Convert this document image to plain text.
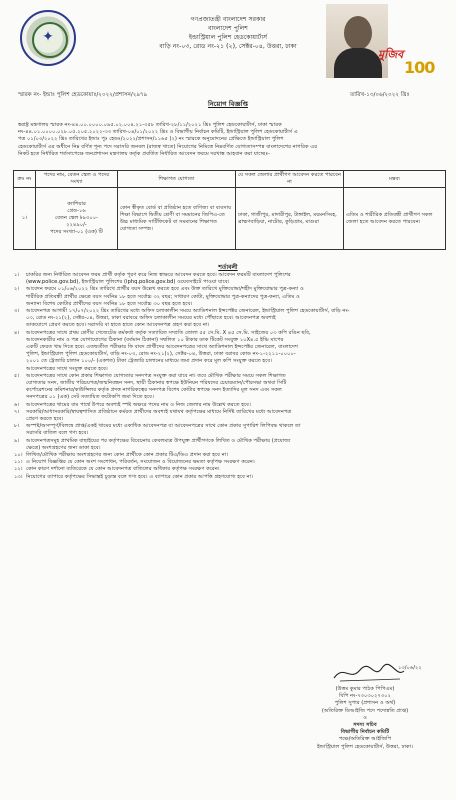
✦
মুজিব
100
গণপ্রজাতন্ত্রী বাংলাদেশ সরকার
বাংলাদেশ পুলিশ
ইন্ডাস্ট্রিয়াল পুলিশ হেডকোয়ার্টার্স
বাড়ি নং-০৩, রোড নং-২১ (২), সেক্টর-০৪, উত্তরা, ঢাকা
স্মারক নং- ইন্ডাঃ পুলিশ হেডকোয়াঃ/২০২২/প্রশাসন/২৯৭৯
নিয়োগ বিজ্ঞপ্তি
তারিখ-১৩/০৬/২০২২ খ্রিঃ
স্বরাষ্ট্র মন্ত্রণালয় স্মারক নং-৪৪.০০.০০০০.০৯৫.০২.০০৪.২১-৩৫৮ তারিখ-২৮/১১/২০২১ খ্রিঃ পুলিশ হেডকোয়ার্টার্স, ঢাকা স্মারক
নং-৪৪.০১.০০০০.০২৮.০৫.২০৫.২০২২-৩৩ তারিখ-০৪/০১/২০২২ খ্রিঃ ও বিভাগীয় নির্বাচন কমিটি, ইন্ডাস্ট্রিয়াল পুলিশ হেডকোয়ার্টার্স এ
পত্র ০১/০৩/২০২২ খ্রিঃ তারিখের ইন্ডাঃ পুঃ হেডঃ/২০২২/প্রশাসন/১১৬৫ (২) নং স্মারকে অনুমোদনের প্রেক্ষিতে ইন্ডাস্ট্রিয়াল পুলিশ
হেডকোয়ার্টার্স এর অধীনে নিম্ন বর্ণিত শূন্য পদে সরাসরি জনবল (রাজস্ব খাতে) নিয়োগের নিমিত্তে নিম্নবর্ণিত যোগ্যতাসম্পন্ন বাংলাদেশের নাগরিক এর
নিকট হতে নির্ধারিত শর্তসাপেক্ষে জনপ্রশাসন মন্ত্রণালয় কর্তৃক প্রবর্তিত নির্ধারিত আবেদন ফরমে দরখাস্ত আহবান করা যাচ্ছেঃ-
ক্রঃ নং	পদের নাম, বেতন স্কেল ও পদের সংখ্যা	শিক্ষাগত যোগ্যতা	যে সকল জেলার প্রার্থীগণ আবেদন করতে পারবেন না	মন্তব্য
১।	ক্যাশিয়ার
গ্রেড-১৬
বেতন স্কেল ৳৯৩০০-
২২৪৯০/-
পদের সংখ্যা-০১ (এক) টি	কোন স্বীকৃত বোর্ড বা প্রতিষ্ঠান হতে বাণিজ্য বা ব্যবসায় শিক্ষা বিভাগে দ্বিতীয় শ্রেণী বা সমমানের জিপিএ-তে উচ্চ মাধ্যমিক সার্টিফিকেট বা সমমানের শিক্ষাগত যোগ্যতা সম্পন্ন।	ঢাকা, গাজীপুর, মাদারীপুর, টাঙ্গাইল, ময়মনসিংহ, ব্রাহ্মণবাড়িয়া, নাটোর, কুড়িগ্রাম, মাগুরা	এতিম ও শারীরিক প্রতিবন্ধী প্রার্থীগণ সকল জেলা হতে আবেদন করতে পারবেন।
শর্তাবলী
১। চাকরির জন্য নির্ধারিত আবেদন ফরম প্রার্থী কর্তৃক পূরণ করে নিজ স্বাক্ষরে আবেদন করতে হবে। আবেদন ফরমটি বাংলাদেশ পুলিশের
(www.police.gov.bd), ইন্ডাস্ট্রিয়াল পুলিশের (iphq.police.gov.bd) ওয়েবসাইটে পাওয়া যাবে।
২। আবেদন ফরমে ০১/০৬/২০২২ খ্রিঃ তারিখে প্রার্থীর বয়স উল্লেখ করতে হবে এবং উক্ত তারিখে মুক্তিযোদ্ধা/শহীদ মুক্তিযোদ্ধার পুত্র-কন্যা ও
শারীরিক প্রতিবন্ধী প্রার্থীর ক্ষেত্রে বয়স সর্বনিম্ন ১৮ হতে সর্বোচ্চ ৩২ বছর; সাধারণ কোটা, মুক্তিযোদ্ধার পুত্র-কন্যাদের পুত্র-কন্যা, এতিম ও
অন্যান্য বিশেষ কোটার প্রার্থীদের বয়স সর্বনিম্ন ১৮ হতে সর্বোচ্চ ৩০ বছর হতে হবে।
৩। আবেদনপত্র আগামী ১৭/০৭/২০২২ খ্রিঃ তারিখের মধ্যে অফিস চলাকালীন সময়ে অ্যাডিশনাল ইন্সপেক্টর জেনারেল, ইন্ডাস্ট্রিয়াল পুলিশ হেডকোয়ার্টার্স, বাড়ি নং-
০৩, রোড নং-২১(২), সেক্টর-০৪, উত্তরা, ঢাকা বরাবরে অফিস চলাকালীন সময়ের মধ্যে পৌঁছাতে হবে। আবেদনপত্র অবশ্যই
ডাকযোগে প্রেরণ করতে হবে। সরাসরি বা হাতে হাতে কোন আবেদনপত্র গ্রহণ করা হবে না।
৪। আবেদনপত্রের সাথে প্রথম শ্রেণীর গেজেটেড কর্মকর্তা কর্তৃক সত্যায়িত সম্প্রতি তোলা ৫৫ সে.মি. X ৪৫ সে.মি. সাইজের ০৩ কপি রঙিন ছবি,
আবেদনকারীর নাম ও পত্র যোগাযোগের ঠিকানা (বর্তমান ঠিকানা) সম্বলিত ১০ টাকার ডাক টিকেট সংযুক্ত ১০X৪.৫ ইঞ্চি মাপের
একটি ফেরত খাম দিতে হবে। এতদ্ব্যতীত পরীক্ষার ফি বাবদ প্রার্থীদের আবেদনপত্রের সাথে অ্যাডিশনাল ইন্সপেক্টর জেনারেল, বাংলাদেশ
পুলিশ, ইন্ডাস্ট্রিয়াল পুলিশ হেডকোয়ার্টার্স, বাড়ি নং-০৩, রোড নং-২১(২), সেক্টর-০৪, উত্তরা, ঢাকা বরাবর কোড নং-১-২২১১-০০০০-
২০০১ তে ট্রেজারি চালান ১০০/- (একশত) টাকা ট্রেজারি চালানের মাধ্যমে জমা প্রদান করে মূল কপি সংযুক্ত করতে হবে।
আবেদনপত্রের সাথে সংযুক্ত করতে হবে।
৫। আবেদনপত্রের সাথে কোন প্রকার শিক্ষাগত যোগ্যতার সনদপত্র সংযুক্ত করা যাবে না। তবে মৌখিক পরীক্ষার সময়ে সকল শিক্ষাগত
যোগ্যতার সনদ, জাতীয় পরিচয়পত্র/জন্মনিবন্ধন সনদ, স্থায়ী ঠিকানার স্বপক্ষে ইউনিয়ন পরিষদের চেয়ারম্যান/পৌরসভা অথবা সিটি
কর্পোরেশনের কমিশনার/কাউন্সিলর কর্তৃক প্রদত্ত নাগরিকত্বের সনদপত্র বিশেষ কোটার স্বপক্ষে সনদ ইত্যাদির মূল সনদ এবং সকল
সনদপত্রের ০১ (এক) সেট সত্যায়িত ফটোকপি জমা দিতে হবে।
৬। আবেদনপত্রের খামের বাম পার্শ্বে উপরে অবশ্যই স্পষ্ট অক্ষরে পদের নাম ও নিজ জেলার নাম উল্লেখ করতে হবে।
৭। সরকারি/আধাসরকারি/স্বায়ত্বশাসিত প্রতিষ্ঠানে কর্মরত প্রার্থীদের অবশ্যই যথাযথ কর্তৃপক্ষের মাধ্যমে নির্দিষ্ট তারিখের মধ্যে আবেদনপত্র
প্রেরণ করতে হবে।
৮। অস্পষ্ট/অসম্পূর্ণ/বিলম্বে প্রাপ্ত/একই খামের মধ্যে একাধিক আবেদনপত্র বা আবেদনপত্রের সাথে কোন প্রকার সুপারিশ লিপিবদ্ধ থাকলে তা
সরাসরি বাতিল বলে গণ্য হবে।
৯। আবেদনপত্রসমূহ প্রাথমিক বাছাইয়ের পর কর্তৃপক্ষের বিবেচনায় কেবলমাত্র উপযুক্ত প্রার্থীগণকে লিখিত ও মৌখিক পরীক্ষায় (প্রযোজ্য
ক্ষেত্রে) অংশগ্রহণের জন্য ডাকা হবে।
১০। লিখিত/মৌখিক পরীক্ষায় অংশগ্রহণের জন্য কোন প্রার্থীকে কোন প্রকার টিএ/ডিএ প্রদান করা হবে না।
১১। এ নিয়োগ বিজ্ঞপ্তির যে কোন অংশ সংশোধন, পরিবর্তন, সংযোজন ও বিয়োজনের ক্ষমতা কর্তৃপক্ষ সংরক্ষণ করেন।
১২। কোন কারণ দর্শানো ব্যতিরেকে যে কোন আবেদনপত্র বাতিলের অধিকার কর্তৃপক্ষ সংরক্ষণ করেন।
১৩। নিয়োগের ব্যাপারে কর্তৃপক্ষের সিদ্ধান্তই চূড়ান্ত বলে গণ্য হবে। এ ব্যাপারে কোন প্রকার আপত্তি গ্রহণযোগ্য হবে না।
১৩/০৬/২২
(উত্তম কুমার পাঠক পিপিএম)
বিপি নং-৭৩০৩০২৭৩০২
পুলিশ সুপার (প্রশাসন ও অর্থ)
(অতিরিক্ত ডিআইজি পদে পদোন্নতি প্রাপ্ত)
ও
সদস্য সচিব
বিভাগীয় নির্বাচন কমিটি
পক্ষে/অতিরিক্ত আইজিপি
ইন্ডাস্ট্রিয়াল পুলিশ হেডকোয়ার্টার্স, উত্তরা, ঢাকা।
